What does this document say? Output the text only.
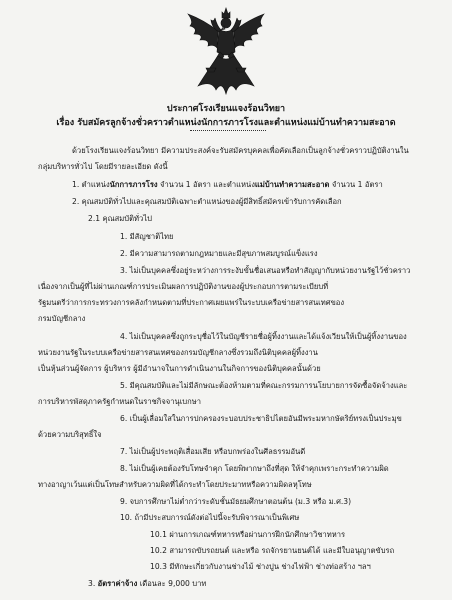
ประกาศโรงเรียนแจงร้อนวิทยา
เรื่อง รับสมัครลูกจ้างชั่วคราวตำแหน่งนักการภารโรงและตำแหน่งแม่บ้านทำความสะอาด
ด้วยโรงเรียนแจงร้อนวิทยา มีความประสงค์จะรับสมัครบุคคลเพื่อคัดเลือกเป็นลูกจ้างชั่วคราวปฏิบัติงานใน
กลุ่มบริหารทั่วไป โดยมีรายละเอียด ดังนี้
1. ตำแหน่งนักการภารโรง จำนวน 1 อัตรา และตำแหน่งแม่บ้านทำความสะอาด จำนวน 1 อัตรา
2. คุณสมบัติทั่วไปและคุณสมบัติเฉพาะตำแหน่งของผู้มีสิทธิ์สมัครเข้ารับการคัดเลือก
2.1 คุณสมบัติทั่วไป
1. มีสัญชาติไทย
2. มีความสามารถตามกฎหมายและมีสุขภาพสมบูรณ์แข็งแรง
3. ไม่เป็นบุคคลซึ่งอยู่ระหว่างการระงับขั้นชื่อเสนอหรือทำสัญญากับหน่วยงานรัฐไว้ชั่วคราว
เนื่องจากเป็นผู้ที่ไม่ผ่านเกณฑ์การประเมินผลการปฏิบัติงานของผู้ประกอบการตามระเบียบที่
รัฐมนตรีว่าการกระทรวงการคลังกำหนดตามที่ประกาศเผยแพร่ในระบบเครือข่ายสารสนเทศของ
กรมบัญชีกลาง
4. ไม่เป็นบุคคลซึ่งถูกระบุชื่อไว้ในบัญชีรายชื่อผู้ทิ้งงานและได้แจ้งเวียนให้เป็นผู้ทิ้งงานของ
หน่วยงานรัฐในระบบเครือข่ายสารสนเทศของกรมบัญชีกลางซึ่งรวมถึงนิติบุคคลผู้ทิ้งงาน
เป็นหุ้นส่วนผู้จัดการ ผู้บริหาร ผู้มีอำนาจในการดำเนินงานในกิจการของนิติบุคคลนั้นด้วย
5. มีคุณสมบัติและไม่มีลักษณะต้องห้ามตามที่คณะกรรมการนโยบายการจัดซื้อจัดจ้างและ
การบริหารพัสดุภาครัฐกำหนดในราชกิจจานุเบกษา
6. เป็นผู้เลื่อมใสในการปกครองระบอบประชาธิปไตยอันมีพระมหากษัตริย์ทรงเป็นประมุข
ด้วยความบริสุทธิ์ใจ
7. ไม่เป็นผู้ประพฤติเสื่อมเสีย หรือบกพร่องในศีลธรรมอันดี
8. ไม่เป็นผู้เคยต้องรับโทษจำคุก โดยพิพากษาถึงที่สุด ให้จำคุกเพราะกระทำความผิด
ทางอาญาเว้นแต่เป็นโทษสำหรับความผิดที่ได้กระทำโดยประมาทหรือความผิดลหุโทษ
9. จบการศึกษาไม่ต่ำกว่าระดับชั้นมัธยมศึกษาตอนต้น (ม.3 หรือ ม.ศ.3)
10. ถ้ามีประสบการณ์ดังต่อไปนี้จะรับพิจารณาเป็นพิเศษ
10.1 ผ่านการเกณฑ์ทหารหรือผ่านการฝึกนักศึกษาวิชาทหาร
10.2 สามารถขับรถยนต์ และหรือ รถจักรยานยนต์ได้ และมีใบอนุญาตขับรถ
10.3 มีทักษะเกี่ยวกับงานช่างไม้ ช่างปูน ช่างไฟฟ้า ช่างท่อสร้าง ฯลฯ
3. อัตราค่าจ้าง เดือนละ 9,000 บาท
